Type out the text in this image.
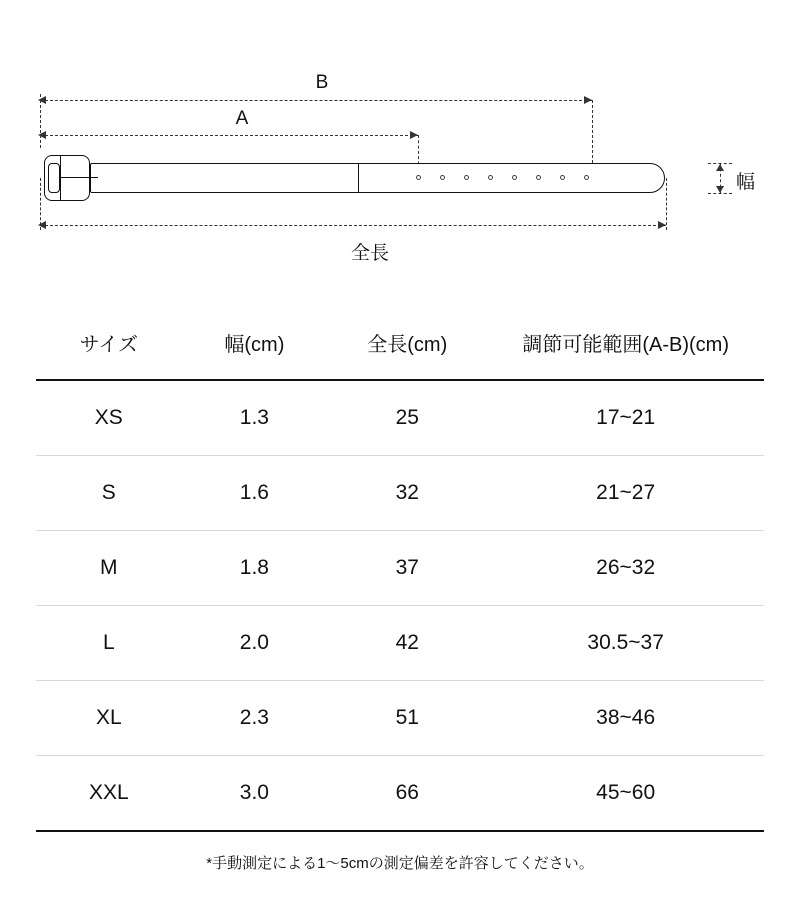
B
A
幅
全長
サイズ	幅(cm)	全長(cm)	調節可能範囲(A-B)(cm)
XS	1.3	25	17~21
S	1.6	32	21~27
M	1.8	37	26~32
L	2.0	42	30.5~37
XL	2.3	51	38~46
XXL	3.0	66	45~60
*手動測定による1〜5cmの測定偏差を許容してください。
